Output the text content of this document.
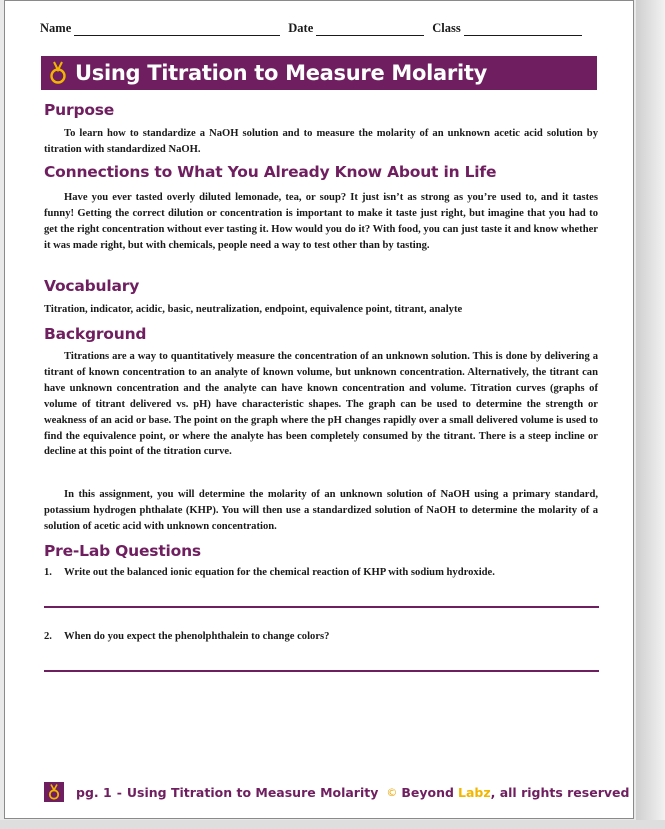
Name	Date	Class
Using Titration to Measure Molarity
Purpose

To learn how to standardize a NaOH solution and to measure the molarity of an unknown acetic acid solution by titration with standardized NaOH.

Connections to What You Already Know About in Life

Have you ever tasted overly diluted lemonade, tea, or soup? It just isn’t as strong as you’re used to, and it tastes funny! Getting the correct dilution or concentration is important to make it taste just right, but imagine that you had to get the right concentration without ever tasting it. How would you do it? With food, you can just taste it and know whether it was made right, but with chemicals, people need a way to test other than by tasting.

Vocabulary

Titration, indicator, acidic, basic, neutralization, endpoint, equivalence point, titrant, analyte

Background

Titrations are a way to quantitatively measure the concentration of an unknown solution. This is done by delivering a titrant of known concentration to an analyte of known volume, but unknown concentration. Alternatively, the titrant can have unknown concentration and the analyte can have known concentration and volume. Titration curves (graphs of volume of titrant delivered vs. pH) have characteristic shapes. The graph can be used to determine the strength or weakness of an acid or base. The point on the graph where the pH changes rapidly over a small delivered volume is used to find the equivalence point, or where the analyte has been completely consumed by the titrant. There is a steep incline or decline at this point of the titration curve.

In this assignment, you will determine the molarity of an unknown solution of NaOH using a primary standard, potassium hydrogen phthalate (KHP). You will then use a standardized solution of NaOH to determine the molarity of a solution of acetic acid with unknown concentration.

Pre-Lab Questions
1. Write out the balanced ionic equation for the chemical reaction of KHP with sodium hydroxide.
2. When do you expect the phenolphthalein to change colors?
pg. 1 - Using Titration to Measure Molarity © Beyond Labz , all rights reserved
